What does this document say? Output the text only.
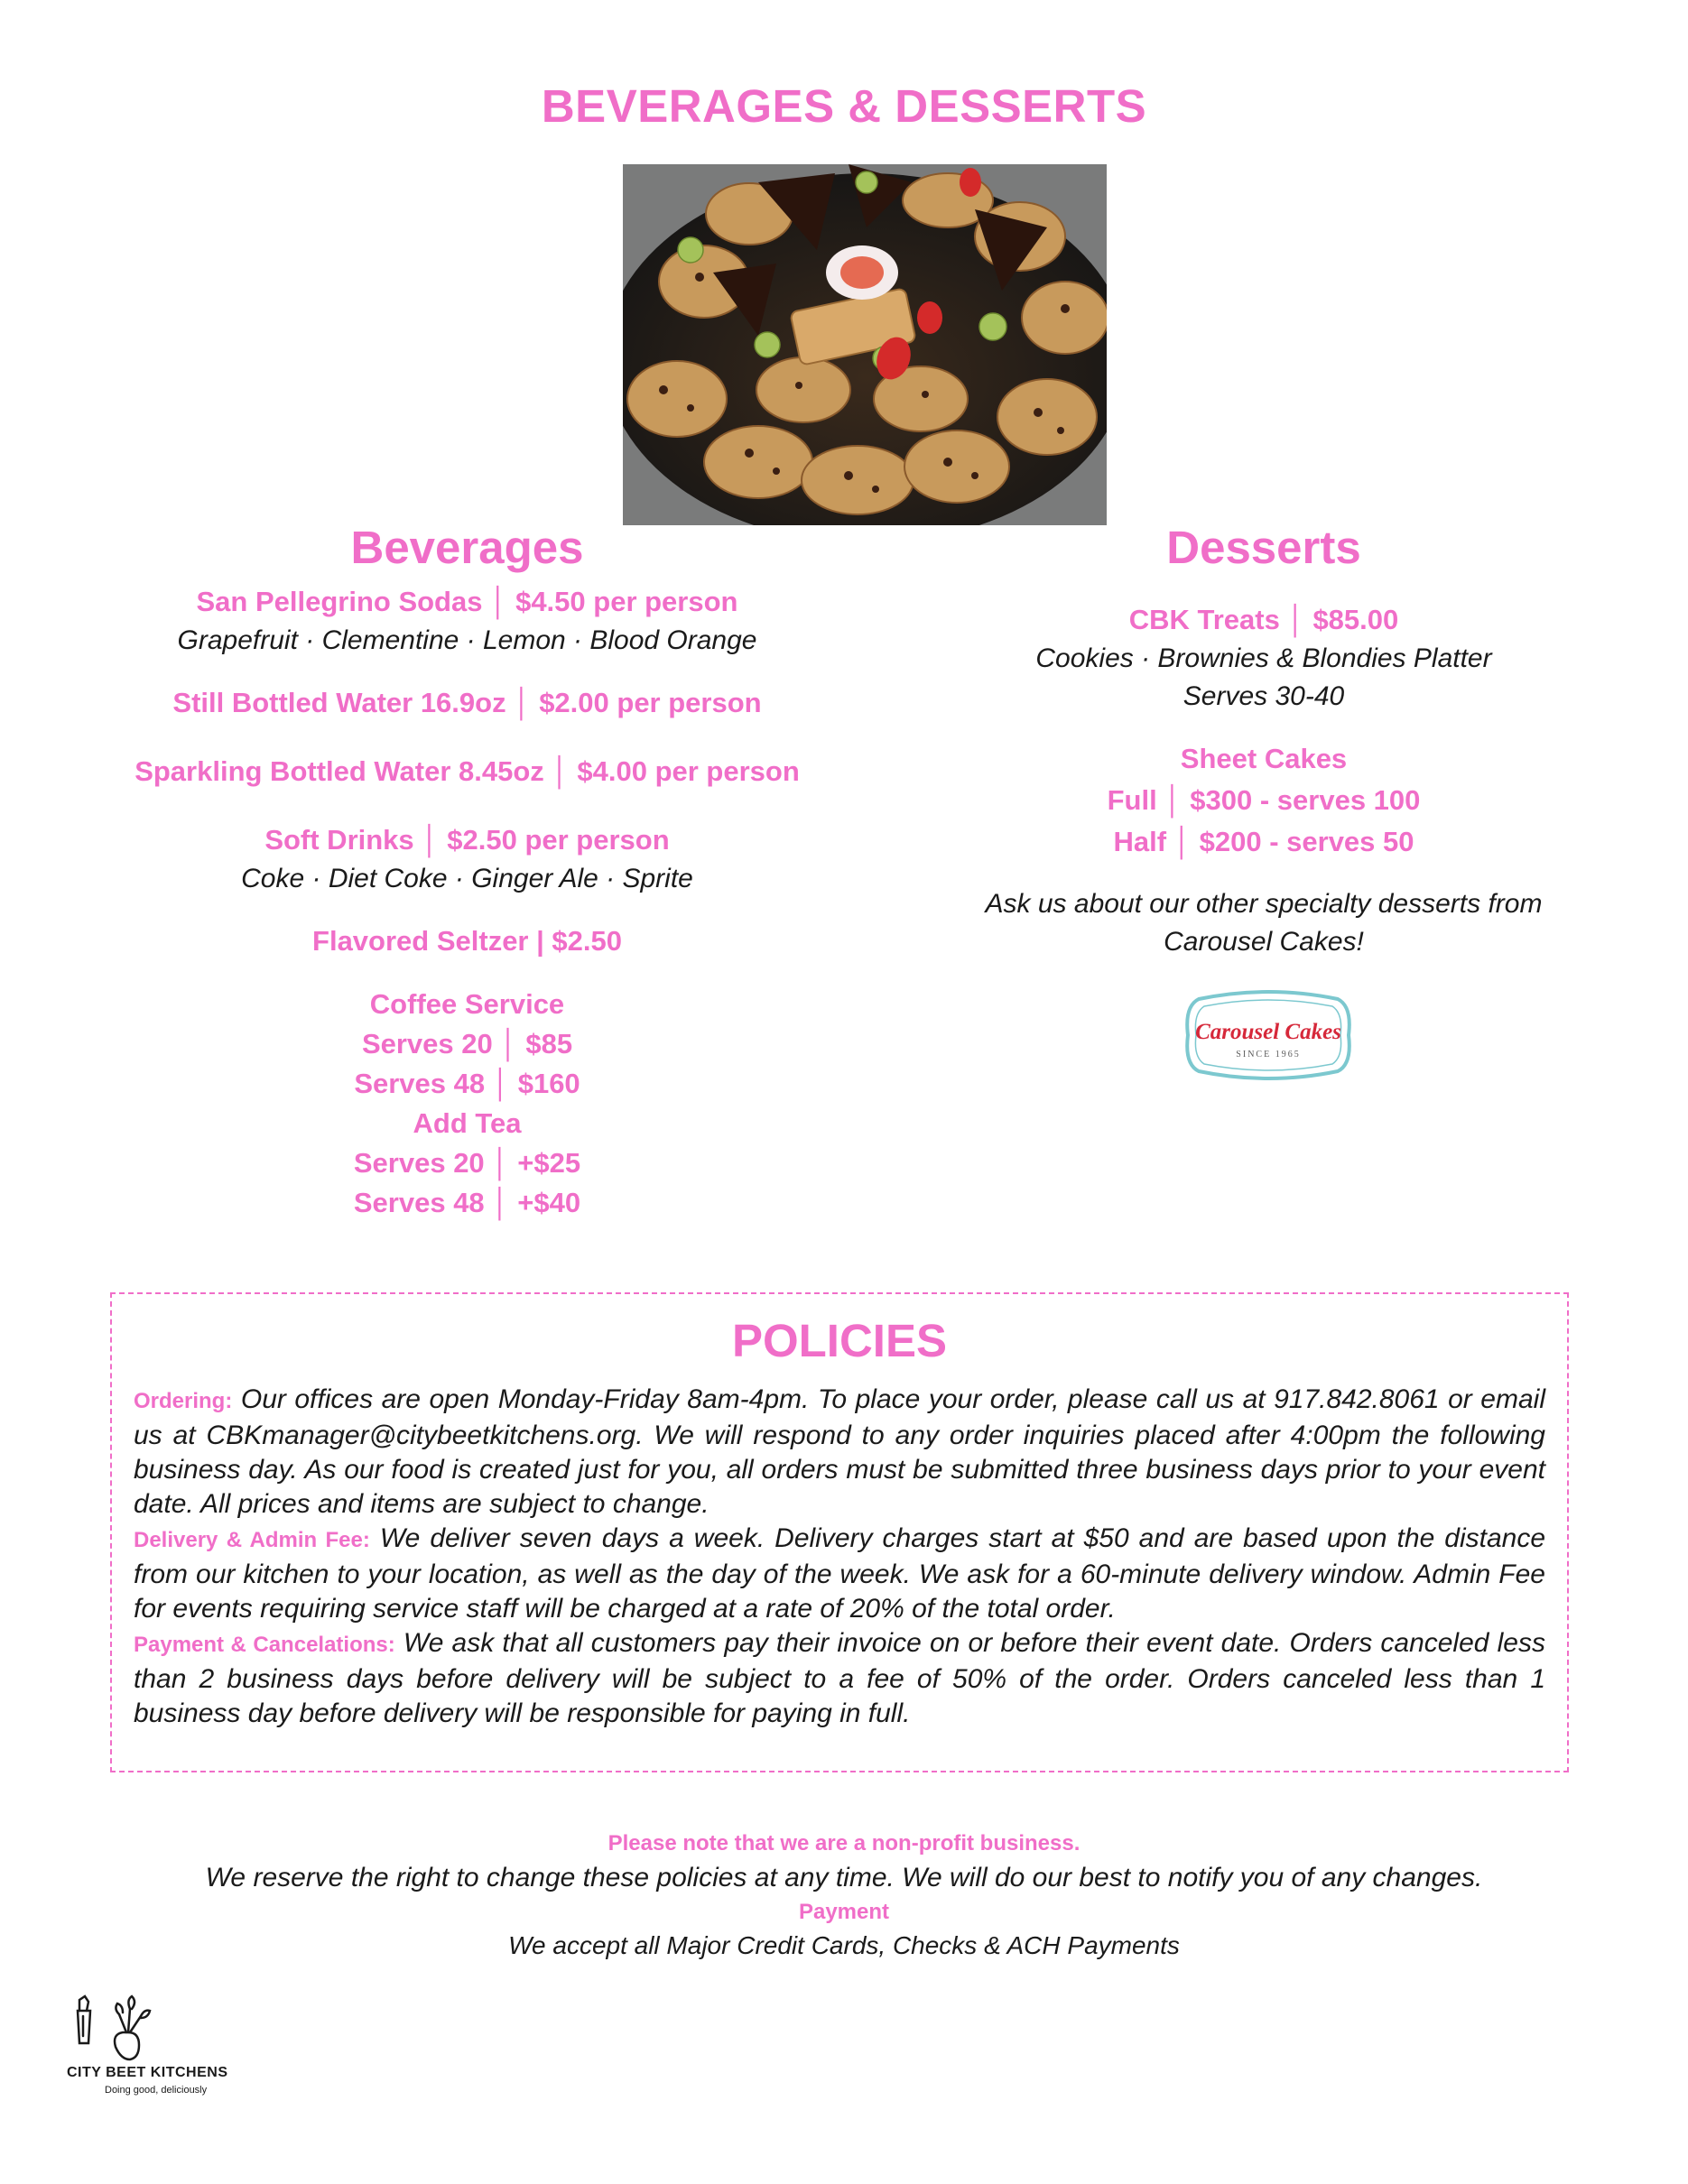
BEVERAGES & DESSERTS
Beverages
San Pellegrino Sodas │ $4.50 per person
Grapefruit · Clementine · Lemon · Blood Orange
Still Bottled Water 16.9oz │ $2.00 per person
Sparkling Bottled Water 8.45oz │ $4.00 per person
Soft Drinks │ $2.50 per person
Coke · Diet Coke · Ginger Ale · Sprite
Flavored Seltzer | $2.50
Coffee Service
Serves 20 │ $85
Serves 48 │ $160
Add Tea
Serves 20 │ +$25
Serves 48 │ +$40
Desserts
CBK Treats │ $85.00
Cookies · Brownies & Blondies Platter
Serves 30-40
Sheet Cakes
Full │ $300 - serves 100
Half │ $200 - serves 50
Ask us about our other specialty desserts from
Carousel Cakes!
Carousel Cakes
SINCE 1965
POLICIES
Ordering: Our offices are open Monday-Friday 8am-4pm. To place your order, please call us at 917.842.8061 or email us at CBKmanager@citybeetkitchens.org. We will respond to any order inquiries placed after 4:00pm the following business day. As our food is created just for you, all orders must be submitted three business days prior to your event date. All prices and items are subject to change.
Delivery & Admin Fee: We deliver seven days a week. Delivery charges start at $50 and are based upon the distance from our kitchen to your location, as well as the day of the week. We ask for a 60-minute delivery window. Admin Fee for events requiring service staff will be charged at a rate of 20% of the total order.
Payment & Cancelations: We ask that all customers pay their invoice on or before their event date. Orders canceled less than 2 business days before delivery will be subject to a fee of 50% of the order. Orders canceled less than 1 business day before delivery will be responsible for paying in full.
Please note that we are a non-profit business.
We reserve the right to change these policies at any time. We will do our best to notify you of any changes.
Payment
We accept all Major Credit Cards, Checks & ACH Payments
CITY BEET KITCHENS
Doing good, deliciously
